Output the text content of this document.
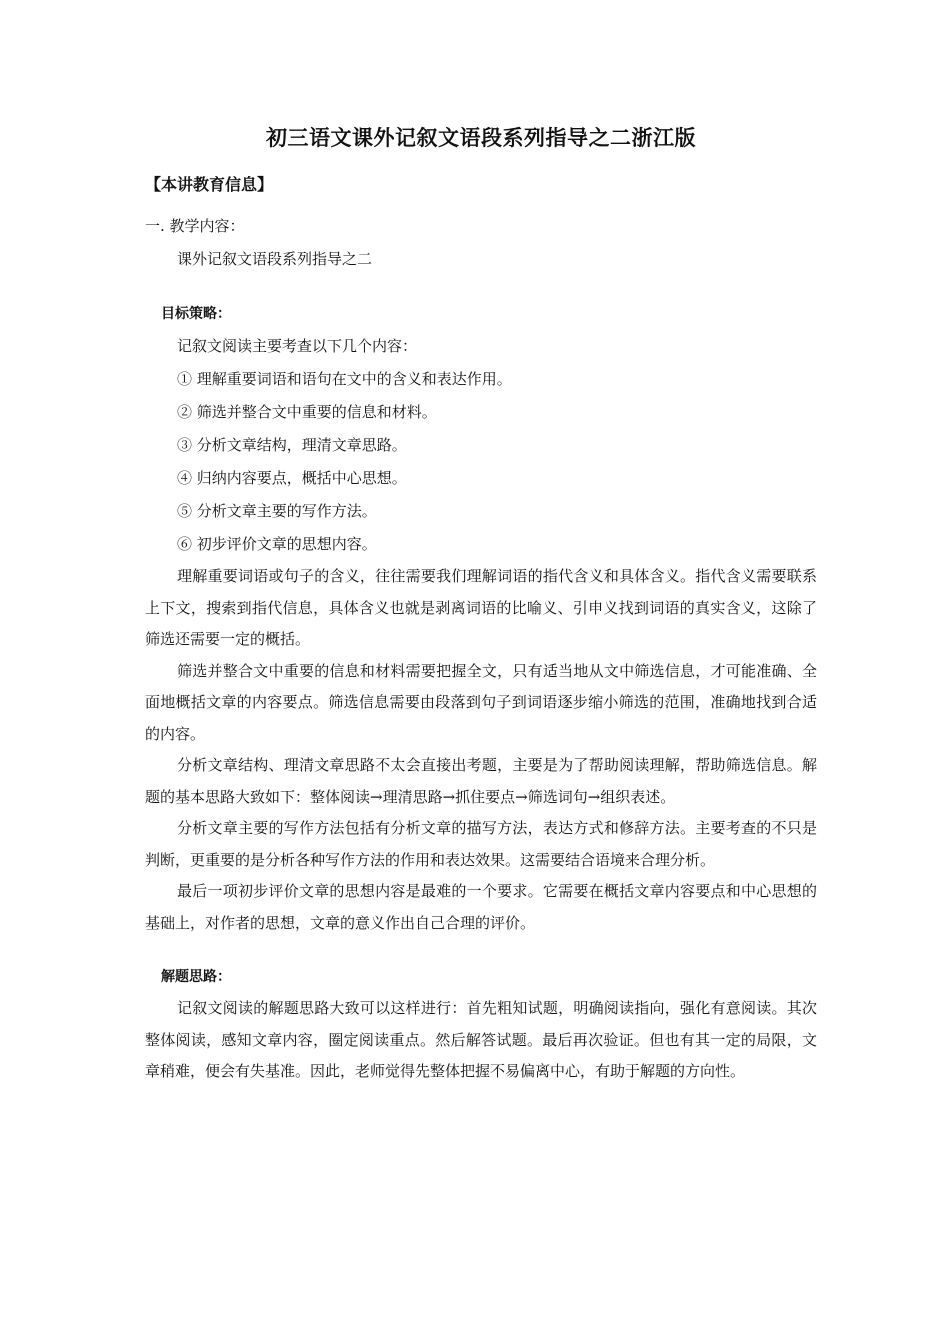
初三语文课外记叙文语段系列指导之二浙江版
【本讲教育信息】

一. 教学内容：

课外记叙文语段系列指导之二

目标策略：

记叙文阅读主要考查以下几个内容：

① 理解重要词语和语句在文中的含义和表达作用。

② 筛选并整合文中重要的信息和材料。

③ 分析文章结构，理清文章思路。

④ 归纳内容要点，概括中心思想。

⑤ 分析文章主要的写作方法。

⑥ 初步评价文章的思想内容。

理解重要词语或句子的含义，往往需要我们理解词语的指代含义和具体含义。指代含义需要联系上下文，搜索到指代信息，具体含义也就是剥离词语的比喻义、引申义找到词语的真实含义，这除了筛选还需要一定的概括。

筛选并整合文中重要的信息和材料需要把握全文，只有适当地从文中筛选信息，才可能准确、全面地概括文章的内容要点。筛选信息需要由段落到句子到词语逐步缩小筛选的范围，准确地找到合适的内容。

分析文章结构、理清文章思路不太会直接出考题，主要是为了帮助阅读理解，帮助筛选信息。解题的基本思路大致如下：整体阅读→理清思路→抓住要点→筛选词句→组织表述。

分析文章主要的写作方法包括有分析文章的描写方法，表达方式和修辞方法。主要考查的不只是判断，更重要的是分析各种写作方法的作用和表达效果。这需要结合语境来合理分析。

最后一项初步评价文章的思想内容是最难的一个要求。它需要在概括文章内容要点和中心思想的基础上，对作者的思想，文章的意义作出自己合理的评价。

解题思路：

记叙文阅读的解题思路大致可以这样进行：首先粗知试题，明确阅读指向，强化有意阅读。其次整体阅读，感知文章内容，圈定阅读重点。然后解答试题。最后再次验证。但也有其一定的局限，文章稍难，便会有失基准。因此，老师觉得先整体把握不易偏离中心，有助于解题的方向性。
